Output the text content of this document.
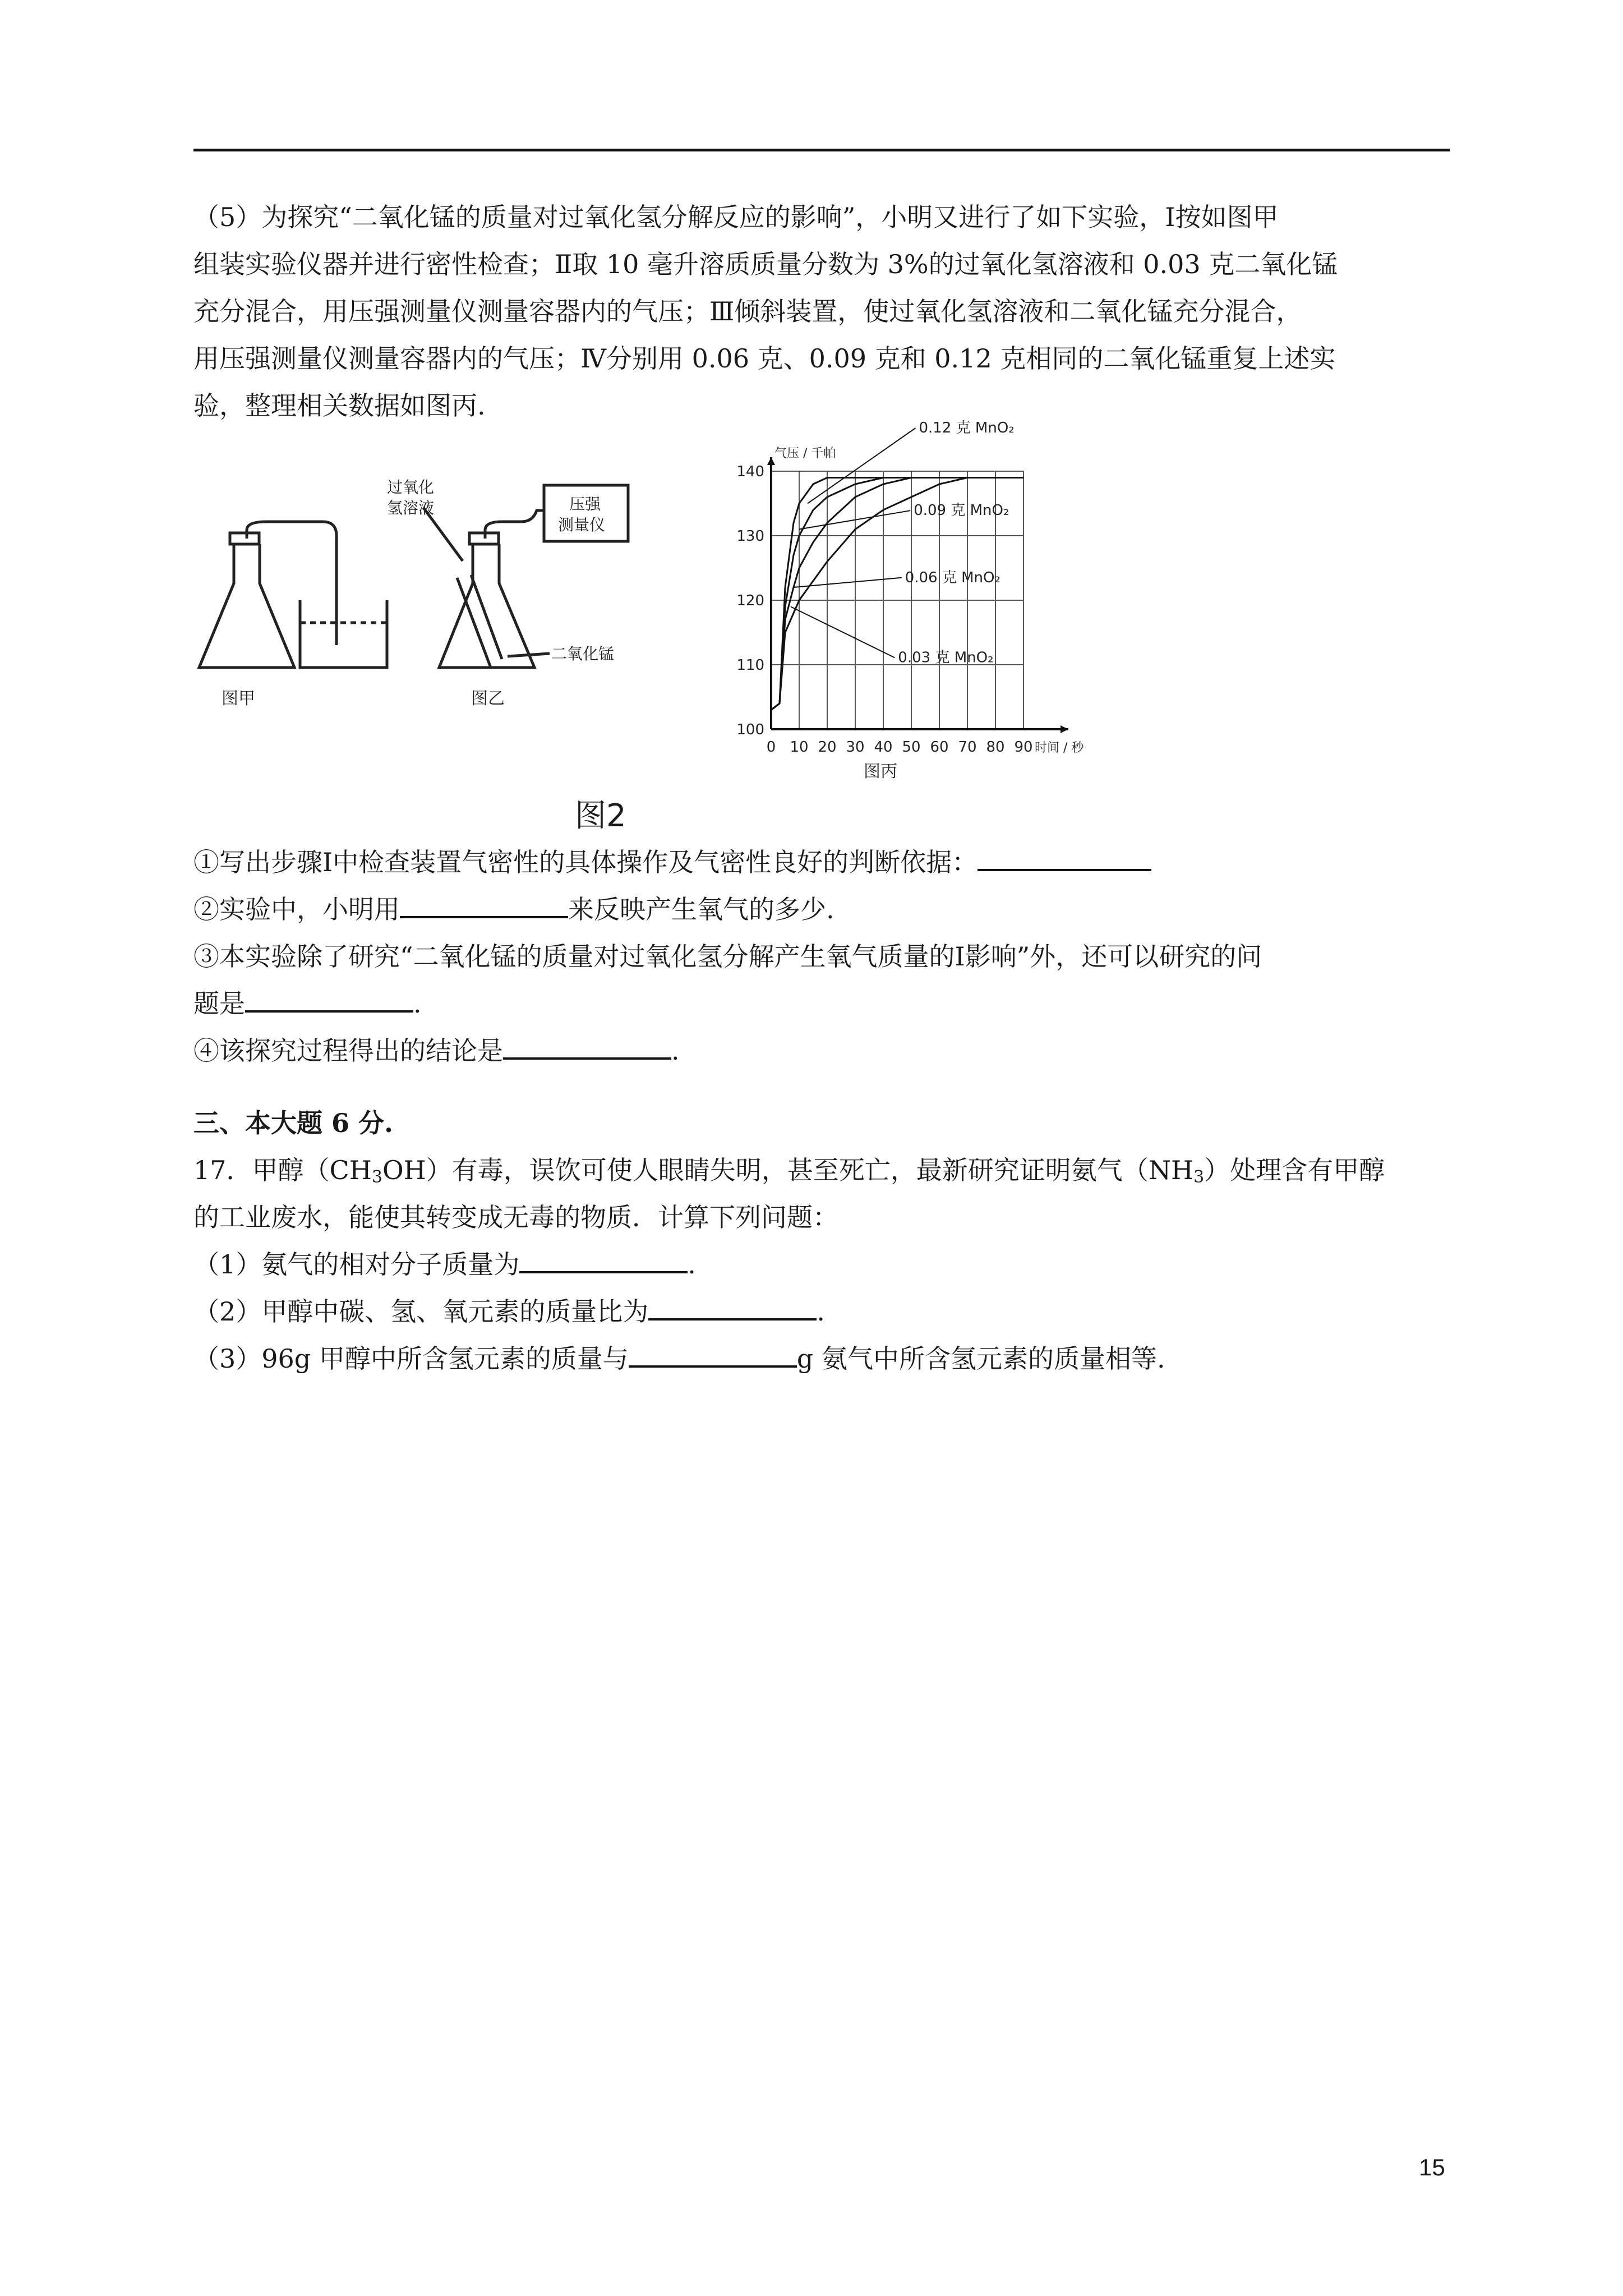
（5）为探究“二氧化锰的质量对过氧化氢分解反应的影响”，小明又进行了如下实验，Ⅰ按如图甲
组装实验仪器并进行密性检查；Ⅱ取 10 毫升溶质质量分数为 3%的过氧化氢溶液和 0.03 克二氧化锰
充分混合，用压强测量仪测量容器内的气压；Ⅲ倾斜装置，使过氧化氢溶液和二氧化锰充分混合，
用压强测量仪测量容器内的气压；Ⅳ分别用 0.06 克、0.09 克和 0.12 克相同的二氧化锰重复上述实
验，整理相关数据如图丙.
图甲
过氧化
氢溶液	压强
测量仪
二氧化锰
图乙
0 10 20 30 40 50 60 70 80 90
100
110
120
130
140
气压 / 千帕
时间 / 秒
0.12 克 MnO₂
0.09 克 MnO₂
0.06 克 MnO₂
0.03 克 MnO₂
图丙
图2
①写出步骤Ⅰ中检查装置气密性的具体操作及气密性良好的判断依据：
②实验中，小明用	来反映产生氧气的多少.
③本实验除了研究“二氧化锰的质量对过氧化氢分解产生氧气质量的Ⅰ影响”外，还可以研究的问
题是	.
④该探究过程得出的结论是	.
三、本大题 6 分.
17．甲醇$(CH_3OH)$有毒，误饮可使人眼睛失明，甚至死亡，最新研究证明氨气$(NH_3)$处理含有甲醇
的工业废水，能使其转变成无毒的物质．计算下列问题：
（1）氨气的相对分子质量为	.
（2）甲醇中碳、氢、氧元素的质量比为	.
（3）96g 甲醇中所含氢元素的质量与	g 氨气中所含氢元素的质量相等.
15
